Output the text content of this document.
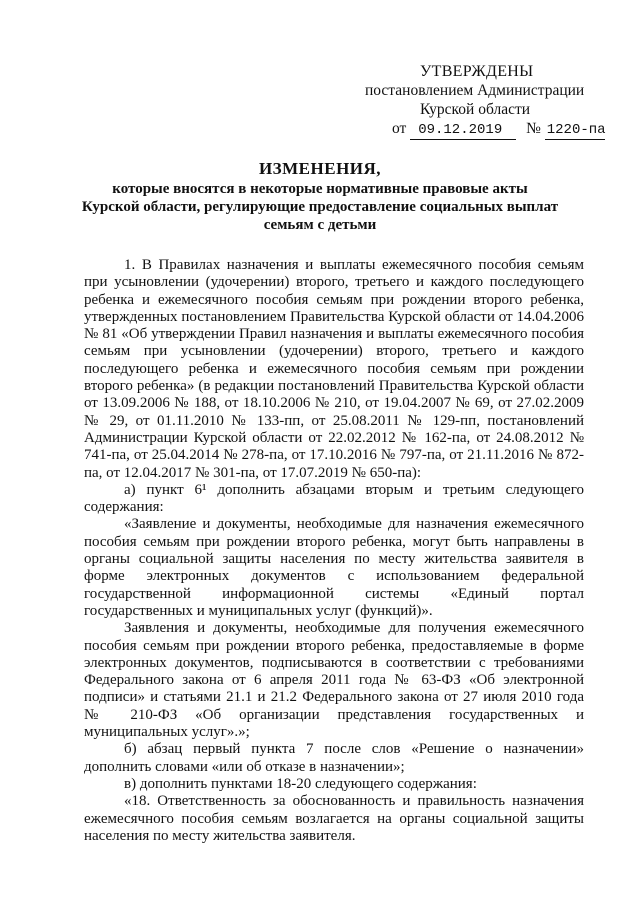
УТВЕРЖДЕНЫ
постановлением Администрации
Курской области
от 09.12.2019 № 1220-па
ИЗМЕНЕНИЯ,
которые вносятся в некоторые нормативные правовые акты
Курской области, регулирующие предоставление социальных выплат
семьям с детьми

1. В Правилах назначения и выплаты ежемесячного пособия семьям при усыновлении (удочерении) второго, третьего и каждого последующего ребенка и ежемесячного пособия семьям при рождении второго ребенка, утвержденных постановлением Правительства Курской области от 14.04.2006 № 81 «Об утверждении Правил назначения и выплаты ежемесячного пособия семьям при усыновлении (удочерении) второго, третьего и каждого последующего ребенка и ежемесячного пособия семьям при рождении второго ребенка» (в редакции постановлений Правительства Курской области от 13.09.2006 № 188, от 18.10.2006 № 210, от 19.04.2007 № 69, от 27.02.2009 № 29, от 01.11.2010 № 133-пп, от 25.08.2011 № 129-пп, постановлений Администрации Курской области от 22.02.2012 № 162-па, от 24.08.2012 № 741-па, от 25.04.2014 № 278-па, от 17.10.2016 № 797-па, от 21.11.2016 № 872-па, от 12.04.2017 № 301-па, от 17.07.2019 № 650-па):

а) пункт 6¹ дополнить абзацами вторым и третьим следующего содержания:

«Заявление и документы, необходимые для назначения ежемесячного пособия семьям при рождении второго ребенка, могут быть направлены в органы социальной защиты населения по месту жительства заявителя в форме электронных документов с использованием федеральной государственной информационной системы «Единый портал государственных и муниципальных услуг (функций)».

Заявления и документы, необходимые для получения ежемесячного пособия семьям при рождении второго ребенка, предоставляемые в форме электронных документов, подписываются в соответствии с требованиями Федерального закона от 6 апреля 2011 года № 63-ФЗ «Об электронной подписи» и статьями 21.1 и 21.2 Федерального закона от 27 июля 2010 года № 210-ФЗ «Об организации представления государственных и муниципальных услуг».»;

б) абзац первый пункта 7 после слов «Решение о назначении» дополнить словами «или об отказе в назначении»;

в) дополнить пунктами 18-20 следующего содержания:

«18. Ответственность за обоснованность и правильность назначения ежемесячного пособия семьям возлагается на органы социальной защиты населения по месту жительства заявителя.
